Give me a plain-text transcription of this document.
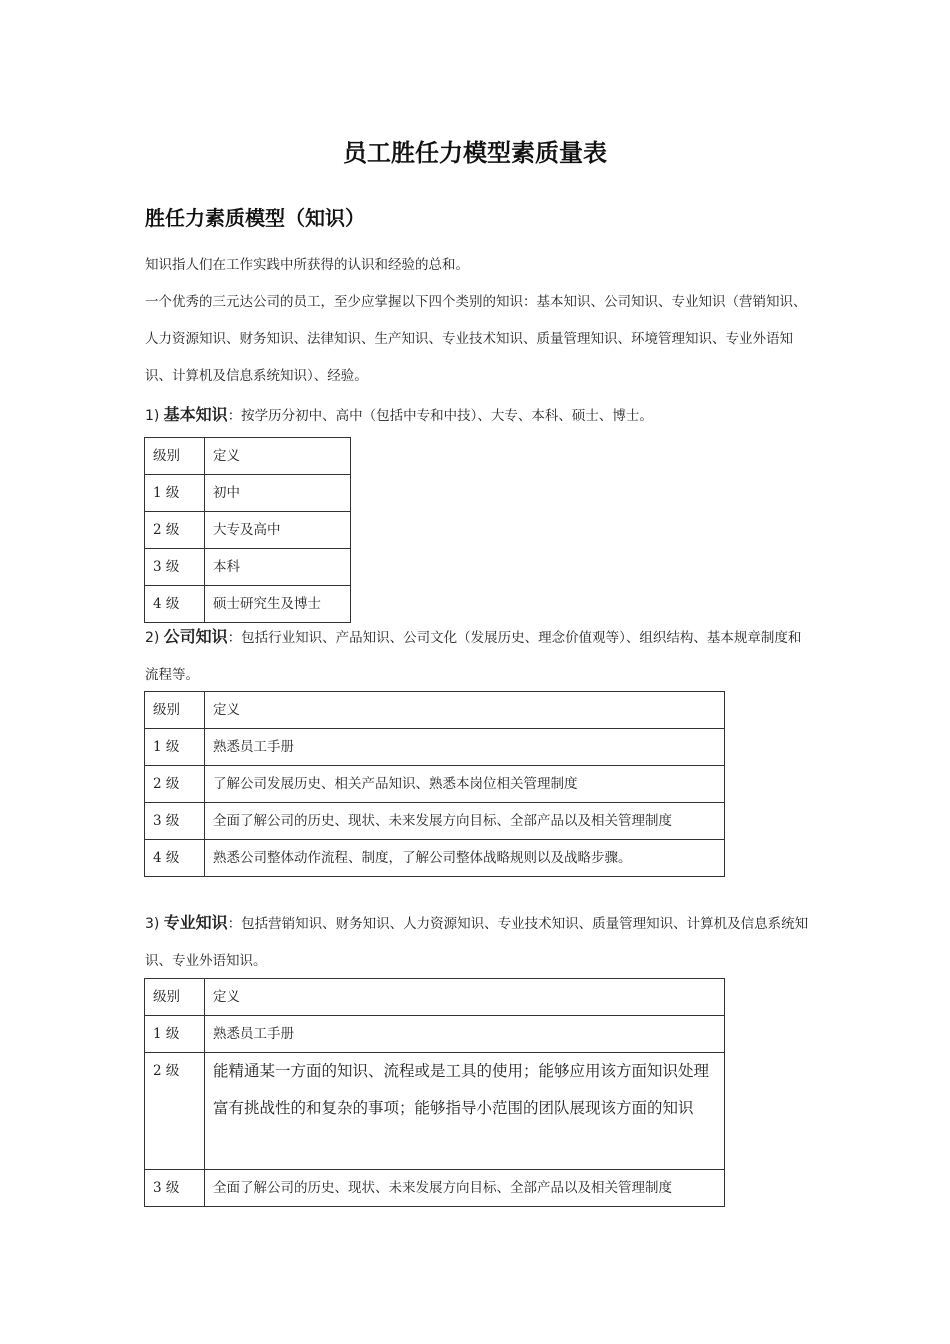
员工胜任力模型素质量表
胜任力素质模型（知识）
知识指人们在工作实践中所获得的认识和经验的总和。
一个优秀的三元达公司的员工，至少应掌握以下四个类别的知识：基本知识、公司知识、专业知识（营销知识、人力资源知识、财务知识、法律知识、生产知识、专业技术知识、质量管理知识、环境管理知识、专业外语知识、计算机及信息系统知识）、经验。
1) 基本知识：按学历分初中、高中（包括中专和中技）、大专、本科、硕士、博士。
级别	定义
1 级	初中
2 级	大专及高中
3 级	本科
4 级	硕士研究生及博士
2) 公司知识：包括行业知识、产品知识、公司文化（发展历史、理念价值观等）、组织结构、基本规章制度和流程等。
级别	定义
1 级	熟悉员工手册
2 级	了解公司发展历史、相关产品知识、熟悉本岗位相关管理制度
3 级	全面了解公司的历史、现状、未来发展方向目标、全部产品以及相关管理制度
4 级	熟悉公司整体动作流程、制度，了解公司整体战略规则以及战略步骤。
3) 专业知识：包括营销知识、财务知识、人力资源知识、专业技术知识、质量管理知识、计算机及信息系统知识、专业外语知识。
级别	定义
1 级	熟悉员工手册
2 级	能精通某一方面的知识、流程或是工具的使用；能够应用该方面知识处理富有挑战性的和复杂的事项；能够指导小范围的团队展现该方面的知识
3 级	全面了解公司的历史、现状、未来发展方向目标、全部产品以及相关管理制度
